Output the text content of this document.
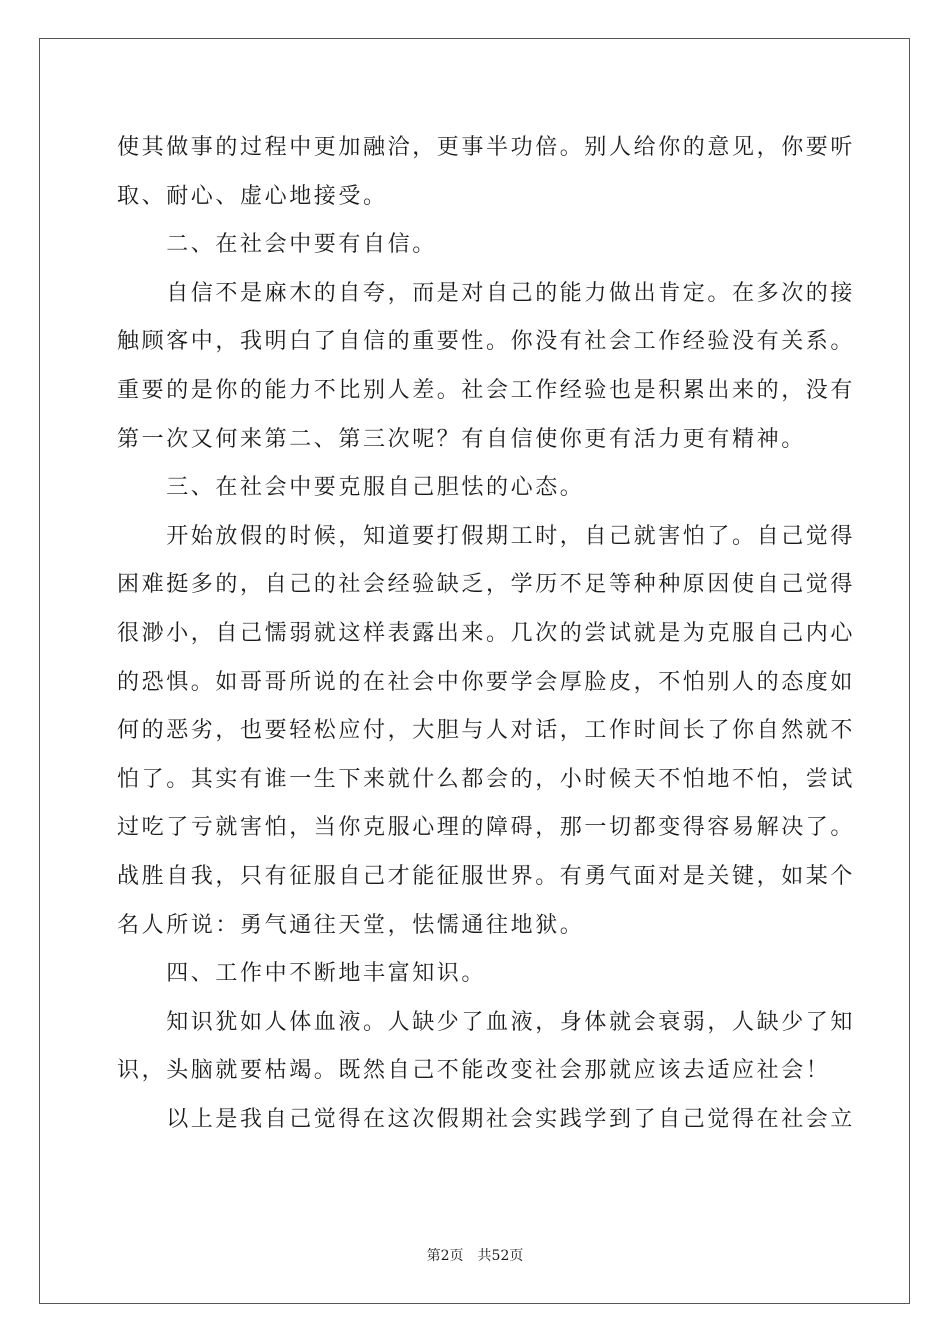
使其做事的过程中更加融洽，更事半功倍。别人给你的意见，你要听
取、耐心、虚心地接受。
　　二、在社会中要有自信。
　　自信不是麻木的自夸，而是对自己的能力做出肯定。在多次的接
触顾客中，我明白了自信的重要性。你没有社会工作经验没有关系。
重要的是你的能力不比别人差。社会工作经验也是积累出来的，没有
第一次又何来第二、第三次呢？有自信使你更有活力更有精神。
　　三、在社会中要克服自己胆怯的心态。
　　开始放假的时候，知道要打假期工时，自己就害怕了。自己觉得
困难挺多的，自己的社会经验缺乏，学历不足等种种原因使自己觉得
很渺小，自己懦弱就这样表露出来。几次的尝试就是为克服自己内心
的恐惧。如哥哥所说的在社会中你要学会厚脸皮，不怕别人的态度如
何的恶劣，也要轻松应付，大胆与人对话，工作时间长了你自然就不
怕了。其实有谁一生下来就什么都会的，小时候天不怕地不怕，尝试
过吃了亏就害怕，当你克服心理的障碍，那一切都变得容易解决了。
战胜自我，只有征服自己才能征服世界。有勇气面对是关键，如某个
名人所说：勇气通往天堂，怯懦通往地狱。
　　四、工作中不断地丰富知识。
　　知识犹如人体血液。人缺少了血液，身体就会衰弱，人缺少了知
识，头脑就要枯竭。既然自己不能改变社会那就应该去适应社会！
　　以上是我自己觉得在这次假期社会实践学到了自己觉得在社会立
第2页　共52页
